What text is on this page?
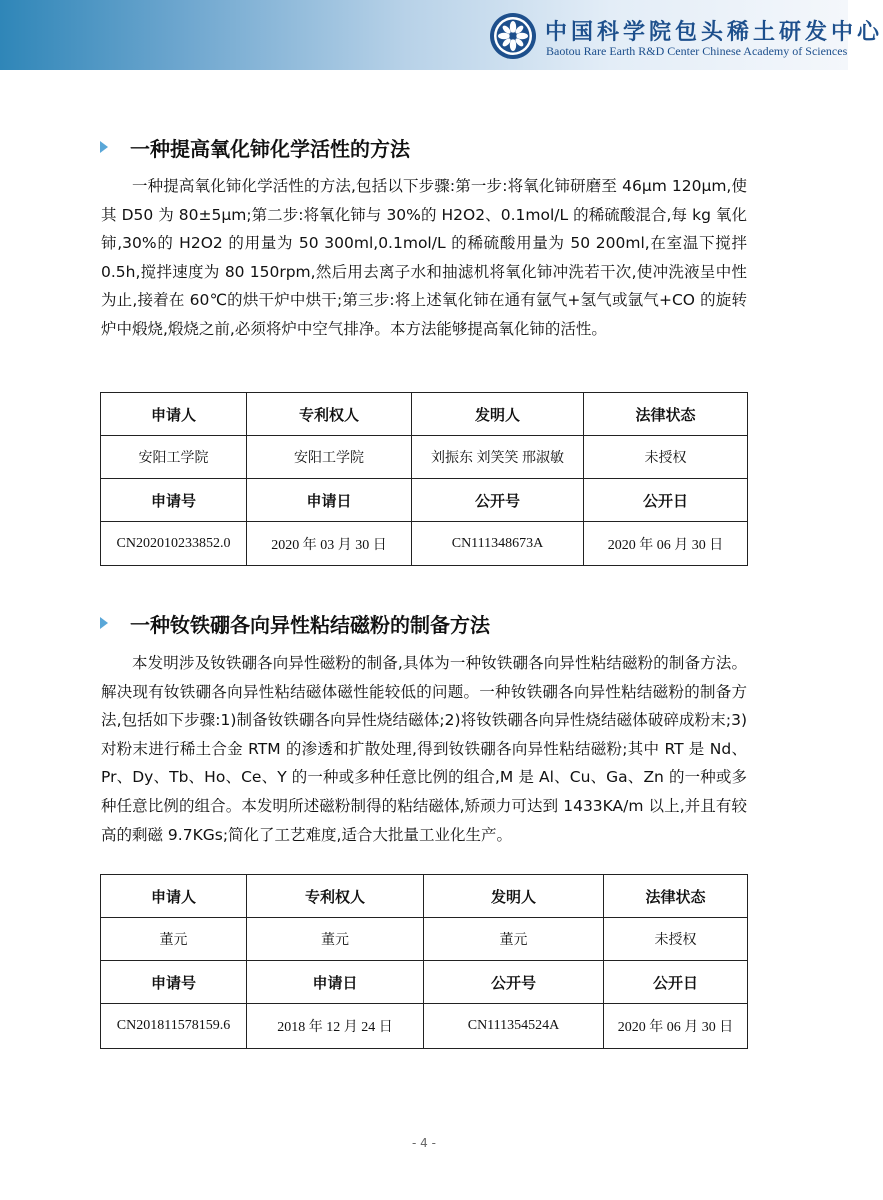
中国科学院包头稀土研发中心
Baotou Rare Earth R&D Center Chinese Academy of Sciences
一种提高氧化铈化学活性的方法
一种提高氧化铈化学活性的方法,包括以下步骤:第一步:将氧化铈研磨至 46μm 120μm,使其 D50 为 80±5μm;第二步:将氧化铈与 30%的 H2O2、0.1mol/L 的稀硫酸混合,每 kg 氧化铈,30%的 H2O2 的用量为 50 300ml,0.1mol/L 的稀硫酸用量为 50 200ml,在室温下搅拌 0.5h,搅拌速度为 80 150rpm,然后用去离子水和抽滤机将氧化铈冲洗若干次,使冲洗液呈中性为止,接着在 60℃的烘干炉中烘干;第三步:将上述氧化铈在通有氩气+氢气或氩气+CO 的旋转炉中煅烧,煅烧之前,必须将炉中空气排净。本方法能够提高氧化铈的活性。
申请人	专利权人	发明人	法律状态
安阳工学院	安阳工学院	刘振东 刘笑笑 邢淑敏	未授权
申请号	申请日	公开号	公开日
CN202010233852.0	2020 年 03 月 30 日	CN111348673A	2020 年 06 月 30 日
一种钕铁硼各向异性粘结磁粉的制备方法
本发明涉及钕铁硼各向异性磁粉的制备,具体为一种钕铁硼各向异性粘结磁粉的制备方法。解决现有钕铁硼各向异性粘结磁体磁性能较低的问题。一种钕铁硼各向异性粘结磁粉的制备方法,包括如下步骤:1)制备钕铁硼各向异性烧结磁体;2)将钕铁硼各向异性烧结磁体破碎成粉末;3)对粉末进行稀土合金 RTM 的渗透和扩散处理,得到钕铁硼各向异性粘结磁粉;其中 RT 是 Nd、Pr、Dy、Tb、Ho、Ce、Y 的一种或多种任意比例的组合,M 是 Al、Cu、Ga、Zn 的一种或多种任意比例的组合。本发明所述磁粉制得的粘结磁体,矫顽力可达到 1433KA/m 以上,并且有较高的剩磁 9.7KGs;简化了工艺难度,适合大批量工业化生产。
申请人	专利权人	发明人	法律状态
董元	董元	董元	未授权
申请号	申请日	公开号	公开日
CN201811578159.6	2018 年 12 月 24 日	CN111354524A	2020 年 06 月 30 日
- 4 -
